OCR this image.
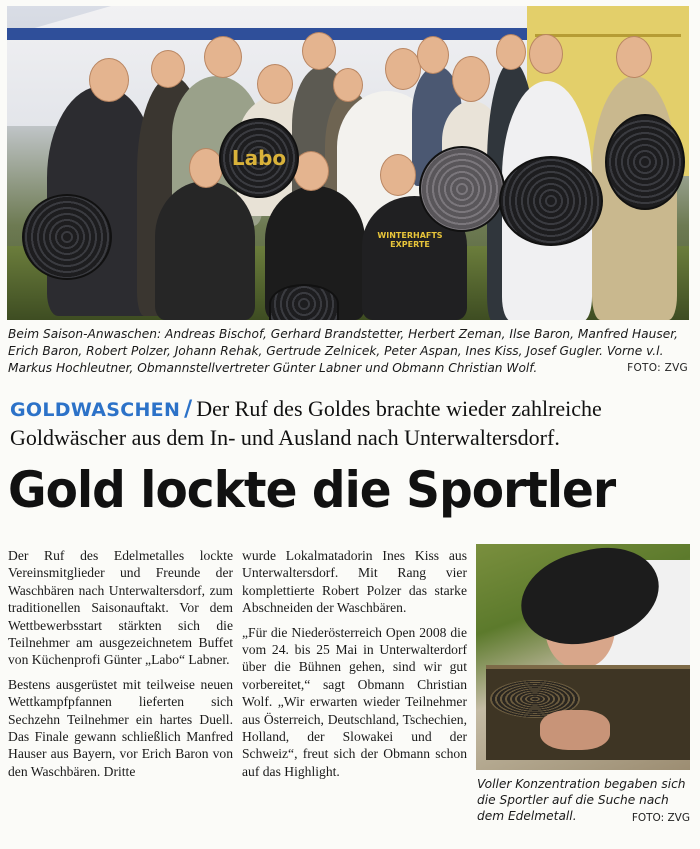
WINTERHAFTS EXPERTE
Labo
Beim Saison-Anwaschen: Andreas Bischof, Gerhard Brandstetter, Herbert Zeman, Ilse Baron, Manfred Hauser, Erich Baron, Robert Polzer, Johann Rehak, Gertrude Zelnicek, Peter Aspan, Ines Kiss, Josef Gugler. Vorne v.l. Markus Hochleutner, Obmannstellvertreter Günter Labner und Obmann Christian Wolf.	FOTO: ZVG
GOLDWASCHEN / Der Ruf des Goldes brachte wieder zahlreiche Goldwäscher aus dem In- und Ausland nach Unterwaltersdorf.
Gold lockte die Sportler

Der Ruf des Edelmetalles lockte Vereinsmitglieder und Freunde der Waschbären nach Unterwaltersdorf, zum traditionellen Saisonauftakt. Vor dem Wettbewerbsstart stärkten sich die Teilnehmer am ausgezeichnetem Buffet von Küchenprofi Günter „Labo“ Labner.

Bestens ausgerüstet mit teilweise neuen Wettkampfpfannen lieferten sich Sechzehn Teilnehmer ein hartes Duell. Das Finale gewann schließlich Manfred Hauser aus Bayern, vor Erich Baron von den Waschbären. Dritte

wurde Lokalmatadorin Ines Kiss aus Unterwaltersdorf. Mit Rang vier komplettierte Robert Polzer das starke Abschneiden der Waschbären.

„Für die Niederösterreich Open 2008 die vom 24. bis 25 Mai in Unterwalterdorf über die Bühnen gehen, sind wir gut vorbereitet,“ sagt Obmann Christian Wolf. „Wir erwarten wieder Teilnehmer aus Österreich, Deutschland, Tschechien, Holland, der Slowakei und der Schweiz“, freut sich der Obmann schon auf das Highlight.

Voller Konzentration begaben sich die Sportler auf die Suche nach dem Edelmetall.	FOTO: ZVG
